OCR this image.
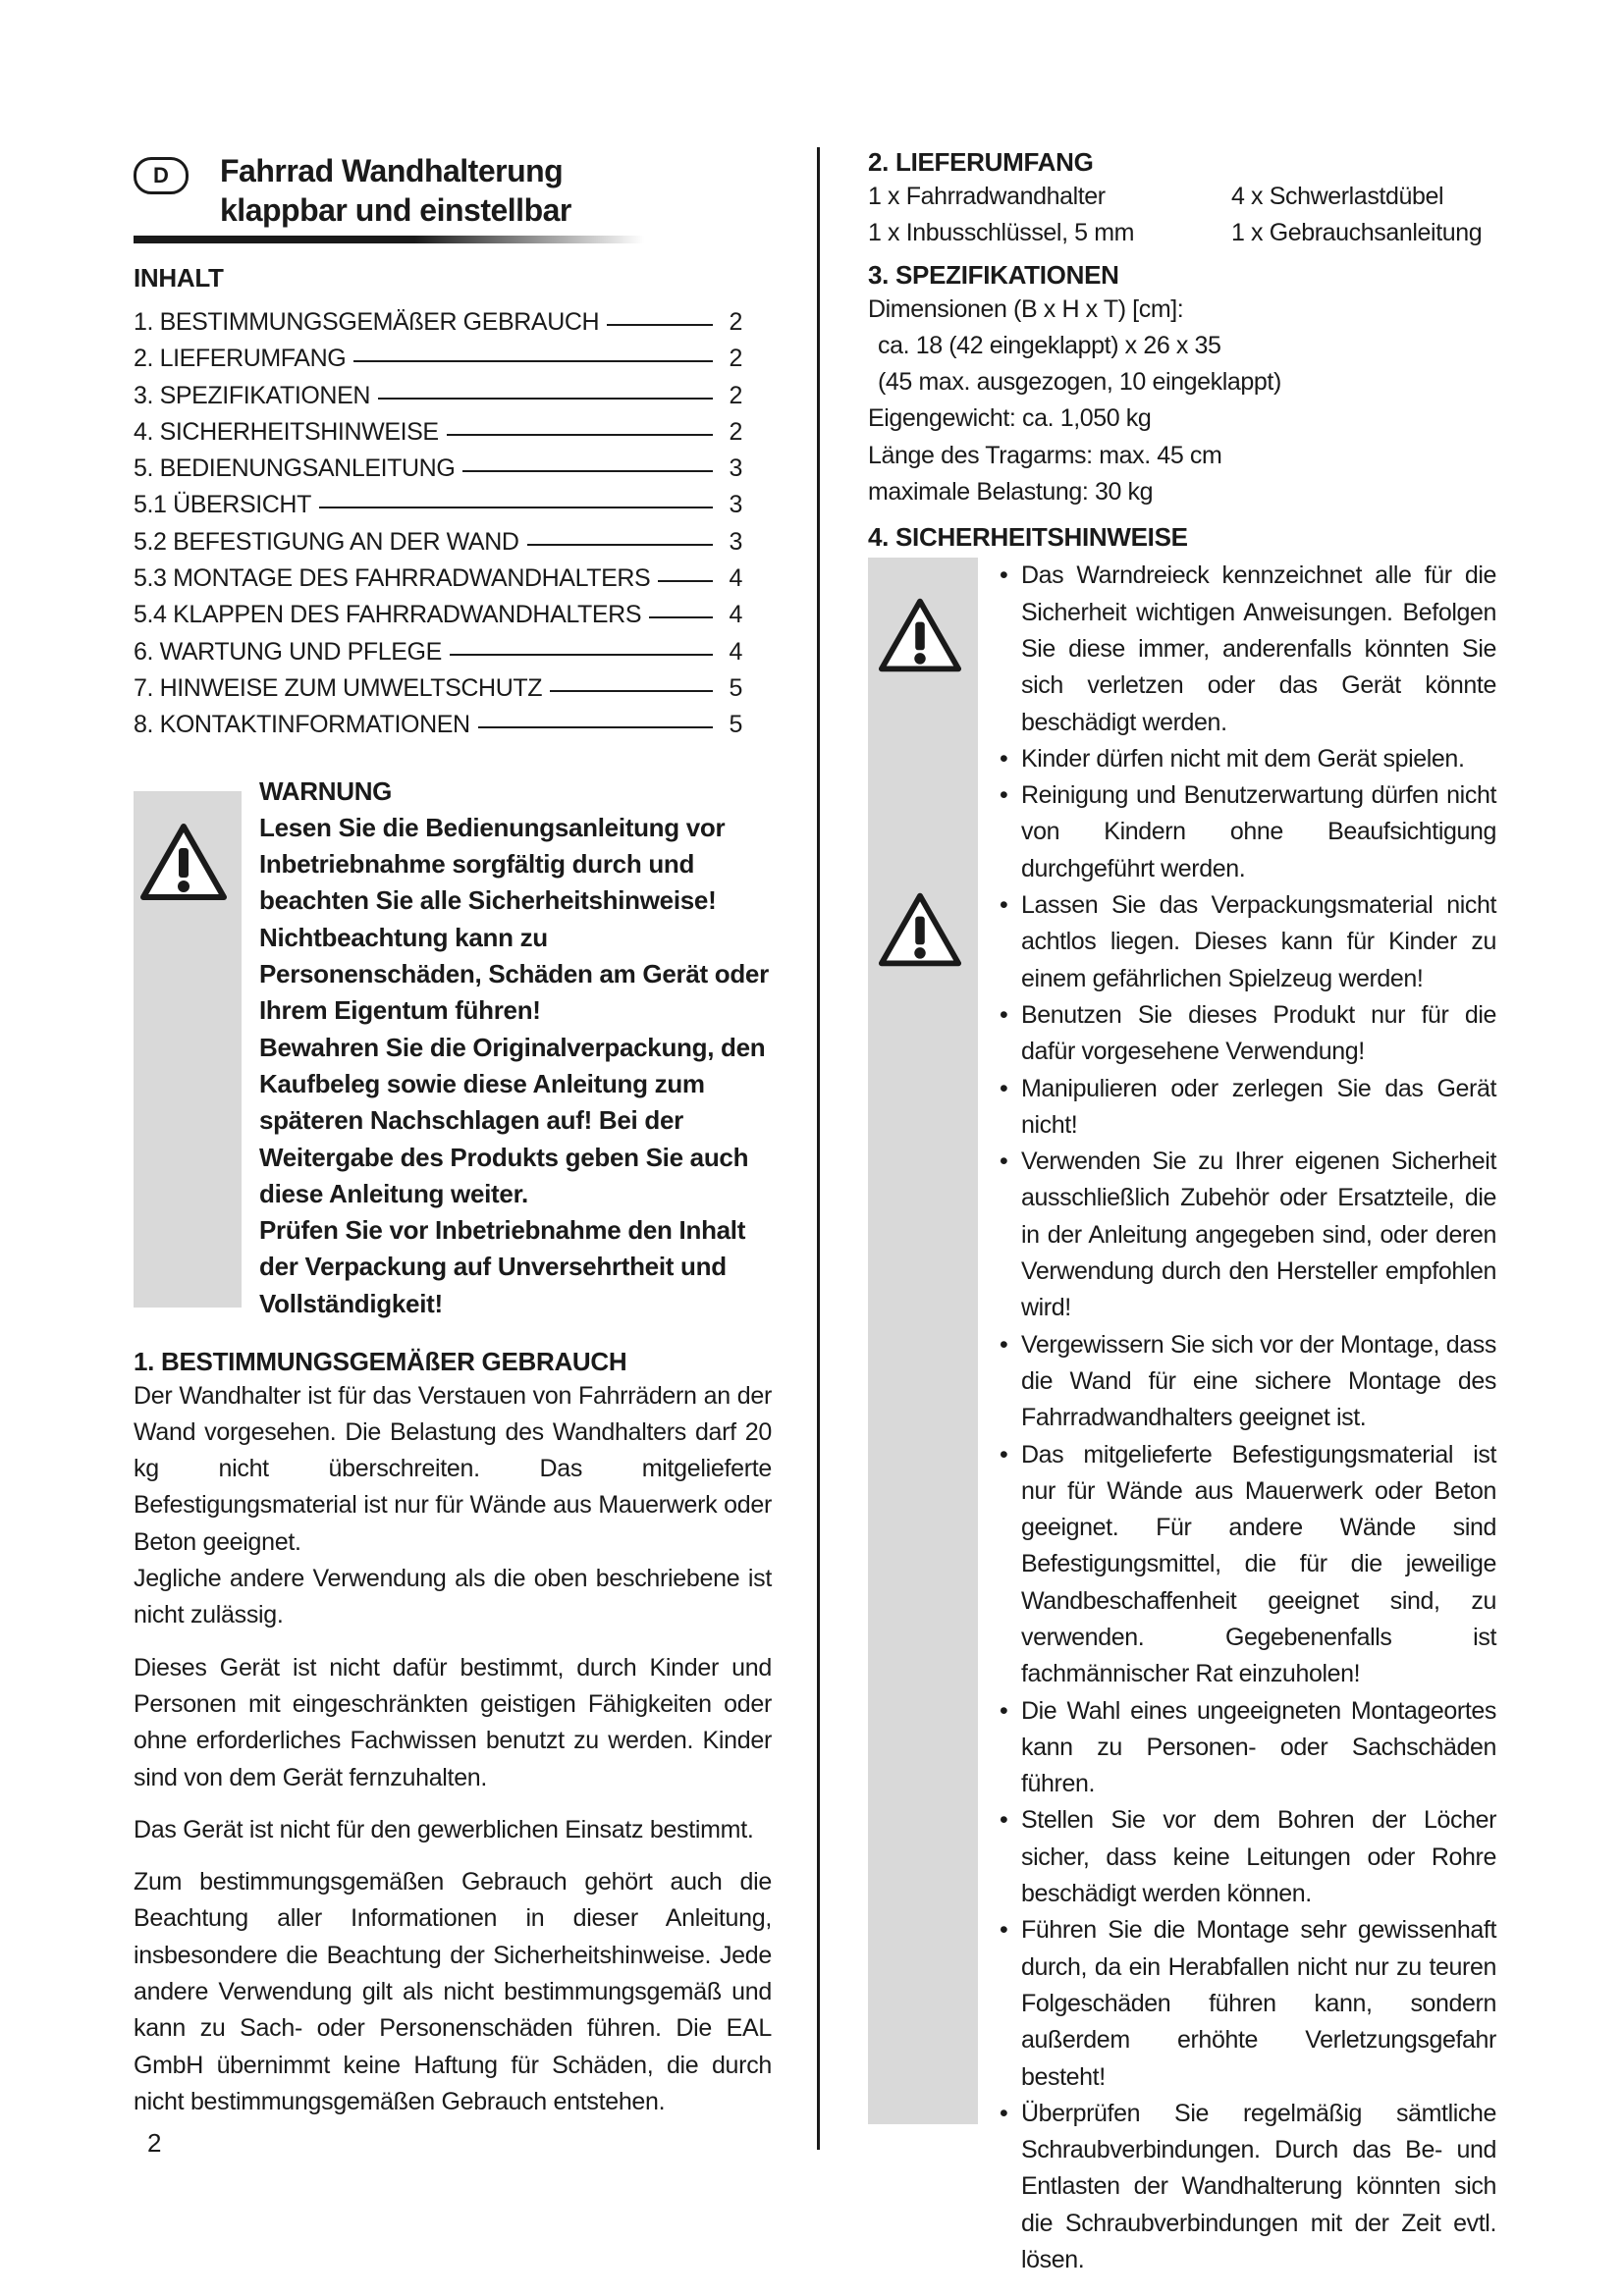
D Fahrrad Wandhalterung
klappbar und einstellbar
INHALT
1. BESTIMMUNGSGEMÄßER GEBRAUCH	2
2. LIEFERUMFANG	2
3. SPEZIFIKATIONEN	2
4. SICHERHEITSHINWEISE	2
5. BEDIENUNGSANLEITUNG	3
5.1 ÜBERSICHT	3
5.2 BEFESTIGUNG AN DER WAND	3
5.3 MONTAGE DES FAHRRADWANDHALTERS	4
5.4 KLAPPEN DES FAHRRADWANDHALTERS	4
6. WARTUNG UND PFLEGE	4
7. HINWEISE ZUM UMWELTSCHUTZ	5
8. KONTAKTINFORMATIONEN	5

WARNUNG

Lesen Sie die Bedienungsanleitung vor Inbetriebnahme sorgfältig durch und beachten Sie alle Sicherheitshinweise!

Nichtbeachtung kann zu Personenschäden, Schäden am Gerät oder Ihrem Eigentum führen!

Bewahren Sie die Originalverpackung, den Kaufbeleg sowie diese Anleitung zum späteren Nachschlagen auf! Bei der Weitergabe des Produkts geben Sie auch diese Anleitung weiter.

Prüfen Sie vor Inbetriebnahme den Inhalt der Verpackung auf Unversehrtheit und Vollständigkeit!

1. BESTIMMUNGSGEMÄßER GEBRAUCH

Der Wandhalter ist für das Verstauen von Fahrrädern an der Wand vorgesehen. Die Belastung des Wandhalters darf 20 kg nicht überschreiten. Das mitgelieferte Befestigungsmaterial ist nur für Wände aus Mauerwerk oder Beton geeignet.

Jegliche andere Verwendung als die oben beschriebene ist nicht zulässig.

Dieses Gerät ist nicht dafür bestimmt, durch Kinder und Personen mit eingeschränkten geistigen Fähigkeiten oder ohne erforderliches Fachwissen benutzt zu werden. Kinder sind von dem Gerät fernzuhalten.

Das Gerät ist nicht für den gewerblichen Einsatz bestimmt.

Zum bestimmungsgemäßen Gebrauch gehört auch die Beachtung aller Informationen in dieser Anleitung, insbesondere die Beachtung der Sicherheitshinweise. Jede andere Verwendung gilt als nicht bestimmungsgemäß und kann zu Sach- oder Personenschäden führen. Die EAL GmbH übernimmt keine Haftung für Schäden, die durch nicht bestimmungsgemäßen Gebrauch entstehen.

2
2. LIEFERUMFANG
1 x Fahrradwandhalter	4 x Schwerlastdübel
1 x Inbusschlüssel, 5 mm	1 x Gebrauchsanleitung
3. SPEZIFIKATIONEN
Dimensionen (B x H x T) [cm]:
ca. 18 (42 eingeklappt) x 26 x 35
(45 max. ausgezogen, 10 eingeklappt)
Eigengewicht: ca. 1,050 kg
Länge des Tragarms: max. 45 cm
maximale Belastung: 30 kg
4. SICHERHEITSHINWEISE
• Das Warndreieck kennzeichnet alle für die Sicherheit wichtigen Anweisungen. Befolgen Sie diese immer, anderenfalls könnten Sie sich verletzen oder das Gerät könnte beschädigt werden.
• Kinder dürfen nicht mit dem Gerät spielen.
• Reinigung und Benutzerwartung dürfen nicht von Kindern ohne Beaufsichtigung durchgeführt werden.
• Lassen Sie das Verpackungsmaterial nicht achtlos liegen. Dieses kann für Kinder zu einem gefährlichen Spielzeug werden!
• Benutzen Sie dieses Produkt nur für die dafür vorgesehene Verwendung!
• Manipulieren oder zerlegen Sie das Gerät nicht!
• Verwenden Sie zu Ihrer eigenen Sicherheit ausschließlich Zubehör oder Ersatzteile, die in der Anleitung angegeben sind, oder deren Verwendung durch den Hersteller empfohlen wird!
• Vergewissern Sie sich vor der Montage, dass die Wand für eine sichere Montage des Fahrradwandhalters geeignet ist.
• Das mitgelieferte Befestigungsmaterial ist nur für Wände aus Mauerwerk oder Beton geeignet. Für andere Wände sind Befestigungsmittel, die für die jeweilige Wandbeschaffenheit geeignet sind, zu verwenden. Gegebenenfalls ist fachmännischer Rat einzuholen!
• Die Wahl eines ungeeigneten Montageortes kann zu Personen- oder Sachschäden führen.
• Stellen Sie vor dem Bohren der Löcher sicher, dass keine Leitungen oder Rohre beschädigt werden können.
• Führen Sie die Montage sehr gewissenhaft durch, da ein Herabfallen nicht nur zu teuren Folgeschäden führen kann, sondern außerdem erhöhte Verletzungsgefahr besteht!
• Überprüfen Sie regelmäßig sämtliche Schraubverbindungen. Durch das Be- und Entlasten der Wandhalterung könnten sich die Schraubverbindungen mit der Zeit evtl. lösen.
